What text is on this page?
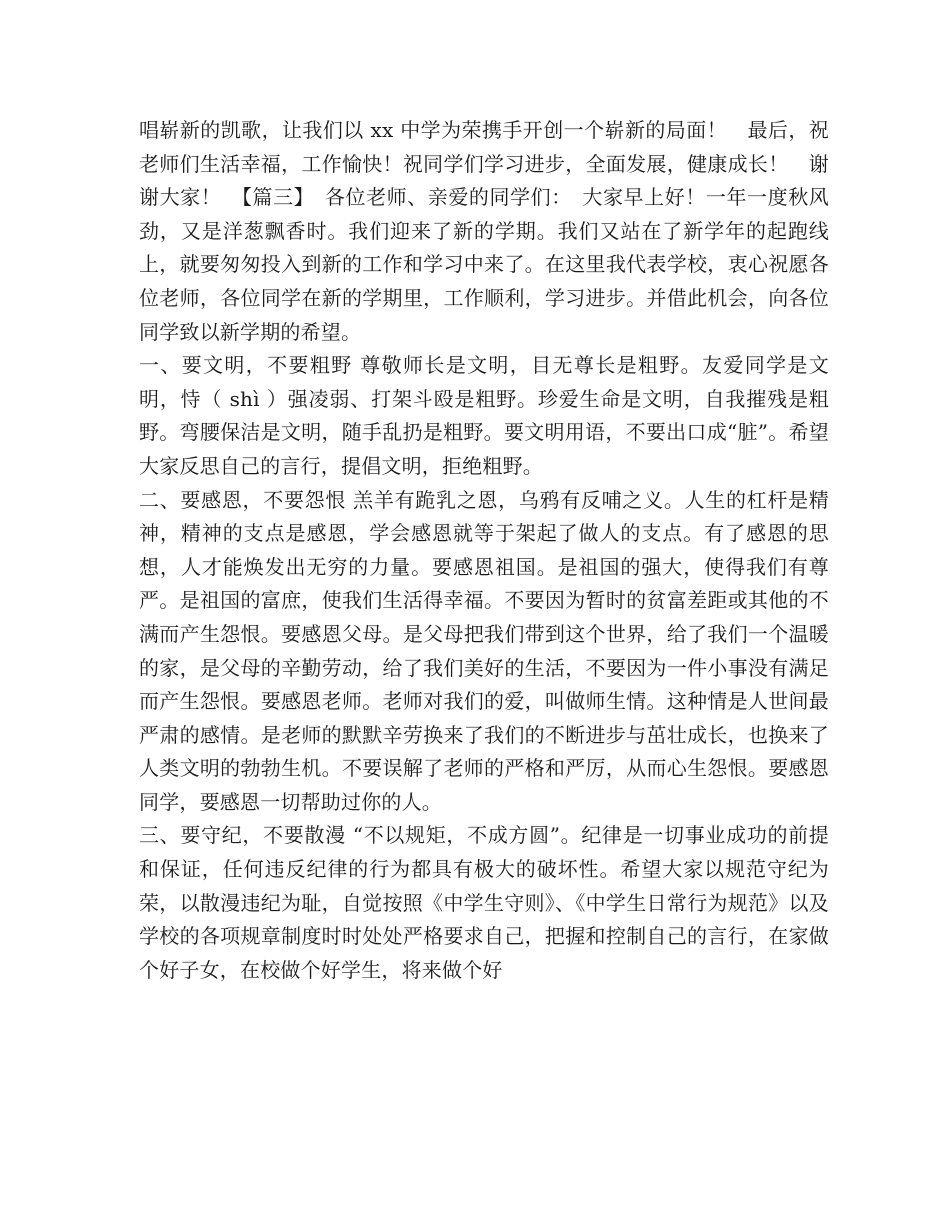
唱崭新的凯歌，让我们以 xx 中学为荣携手开创一个崭新的局面！　最后，祝老师们生活幸福，工作愉快！祝同学们学习进步，全面发展，健康成长！　谢谢大家！　【篇三】　各位老师、亲爱的同学们：　大家早上好！一年一度秋风劲，又是洋葱飘香时。我们迎来了新的学期。我们又站在了新学年的起跑线上，就要匆匆投入到新的工作和学习中来了。在这里我代表学校，衷心祝愿各位老师，各位同学在新的学期里，工作顺利，学习进步。并借此机会，向各位同学致以新学期的希望。

一、要文明，不要粗野 尊敬师长是文明，目无尊长是粗野。友爱同学是文明，恃（ shì ）强凌弱、打架斗殴是粗野。珍爱生命是文明，自我摧残是粗野。弯腰保洁是文明，随手乱扔是粗野。要文明用语，不要出口成“脏”。希望大家反思自己的言行，提倡文明，拒绝粗野。

二、要感恩，不要怨恨 羔羊有跪乳之恩，乌鸦有反哺之义。人生的杠杆是精神，精神的支点是感恩，学会感恩就等于架起了做人的支点。有了感恩的思想，人才能焕发出无穷的力量。要感恩祖国。是祖国的强大，使得我们有尊严。是祖国的富庶，使我们生活得幸福。不要因为暂时的贫富差距或其他的不满而产生怨恨。要感恩父母。是父母把我们带到这个世界，给了我们一个温暖的家，是父母的辛勤劳动，给了我们美好的生活，不要因为一件小事没有满足而产生怨恨。要感恩老师。老师对我们的爱，叫做师生情。这种情是人世间最严肃的感情。是老师的默默辛劳换来了我们的不断进步与茁壮成长，也换来了人类文明的勃勃生机。不要误解了老师的严格和严厉，从而心生怨恨。要感恩同学，要感恩一切帮助过你的人。

三、要守纪，不要散漫 “不以规矩，不成方圆”。纪律是一切事业成功的前提和保证，任何违反纪律的行为都具有极大的破坏性。希望大家以规范守纪为荣，以散漫违纪为耻，自觉按照《中学生守则》、《中学生日常行为规范》以及学校的各项规章制度时时处处严格要求自己，把握和控制自己的言行，在家做个好子女，在校做个好学生，将来做个好
